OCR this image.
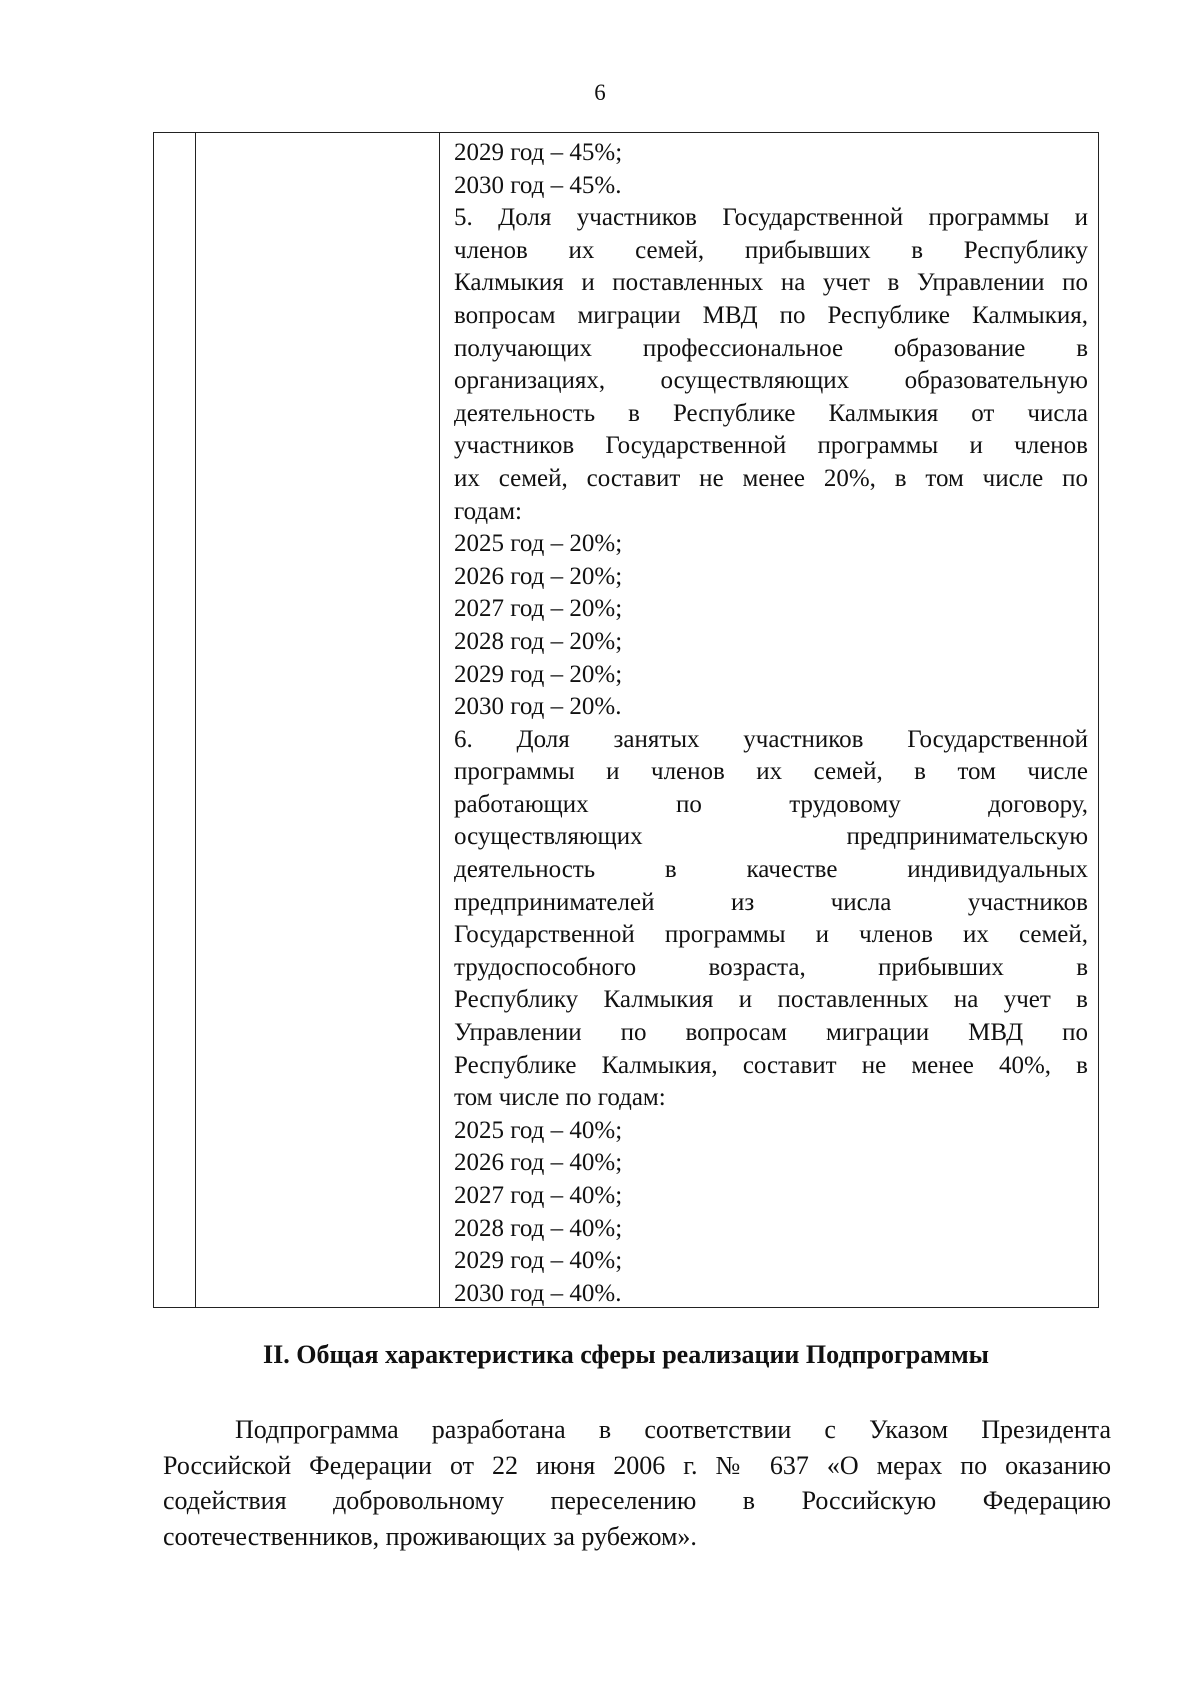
6
2029 год – 45%;
2030 год – 45%.
5. Доля участников Государственной программы и
членов их семей, прибывших в Республику
Калмыкия и поставленных на учет в Управлении по
вопросам миграции МВД по Республике Калмыкия,
получающих профессиональное образование в
организациях, осуществляющих образовательную
деятельность в Республике Калмыкия от числа
участников Государственной программы и членов
их семей, составит не менее 20%, в том числе по
годам:
2025 год – 20%;
2026 год – 20%;
2027 год – 20%;
2028 год – 20%;
2029 год – 20%;
2030 год – 20%.
6. Доля занятых участников Государственной
программы и членов их семей, в том числе
работающих по трудовому договору,
осуществляющих предпринимательскую
деятельность в качестве индивидуальных
предпринимателей из числа участников
Государственной программы и членов их семей,
трудоспособного возраста, прибывших в
Республику Калмыкия и поставленных на учет в
Управлении по вопросам миграции МВД по
Республике Калмыкия, составит не менее 40%, в
том числе по годам:
2025 год – 40%;
2026 год – 40%;
2027 год – 40%;
2028 год – 40%;
2029 год – 40%;
2030 год – 40%.
II. Общая характеристика сферы реализации Подпрограммы
Подпрограмма разработана в соответствии с Указом Президента
Российской Федерации от 22 июня 2006 г. № 637 «О мерах по оказанию
содействия добровольному переселению в Российскую Федерацию
соотечественников, проживающих за рубежом».
